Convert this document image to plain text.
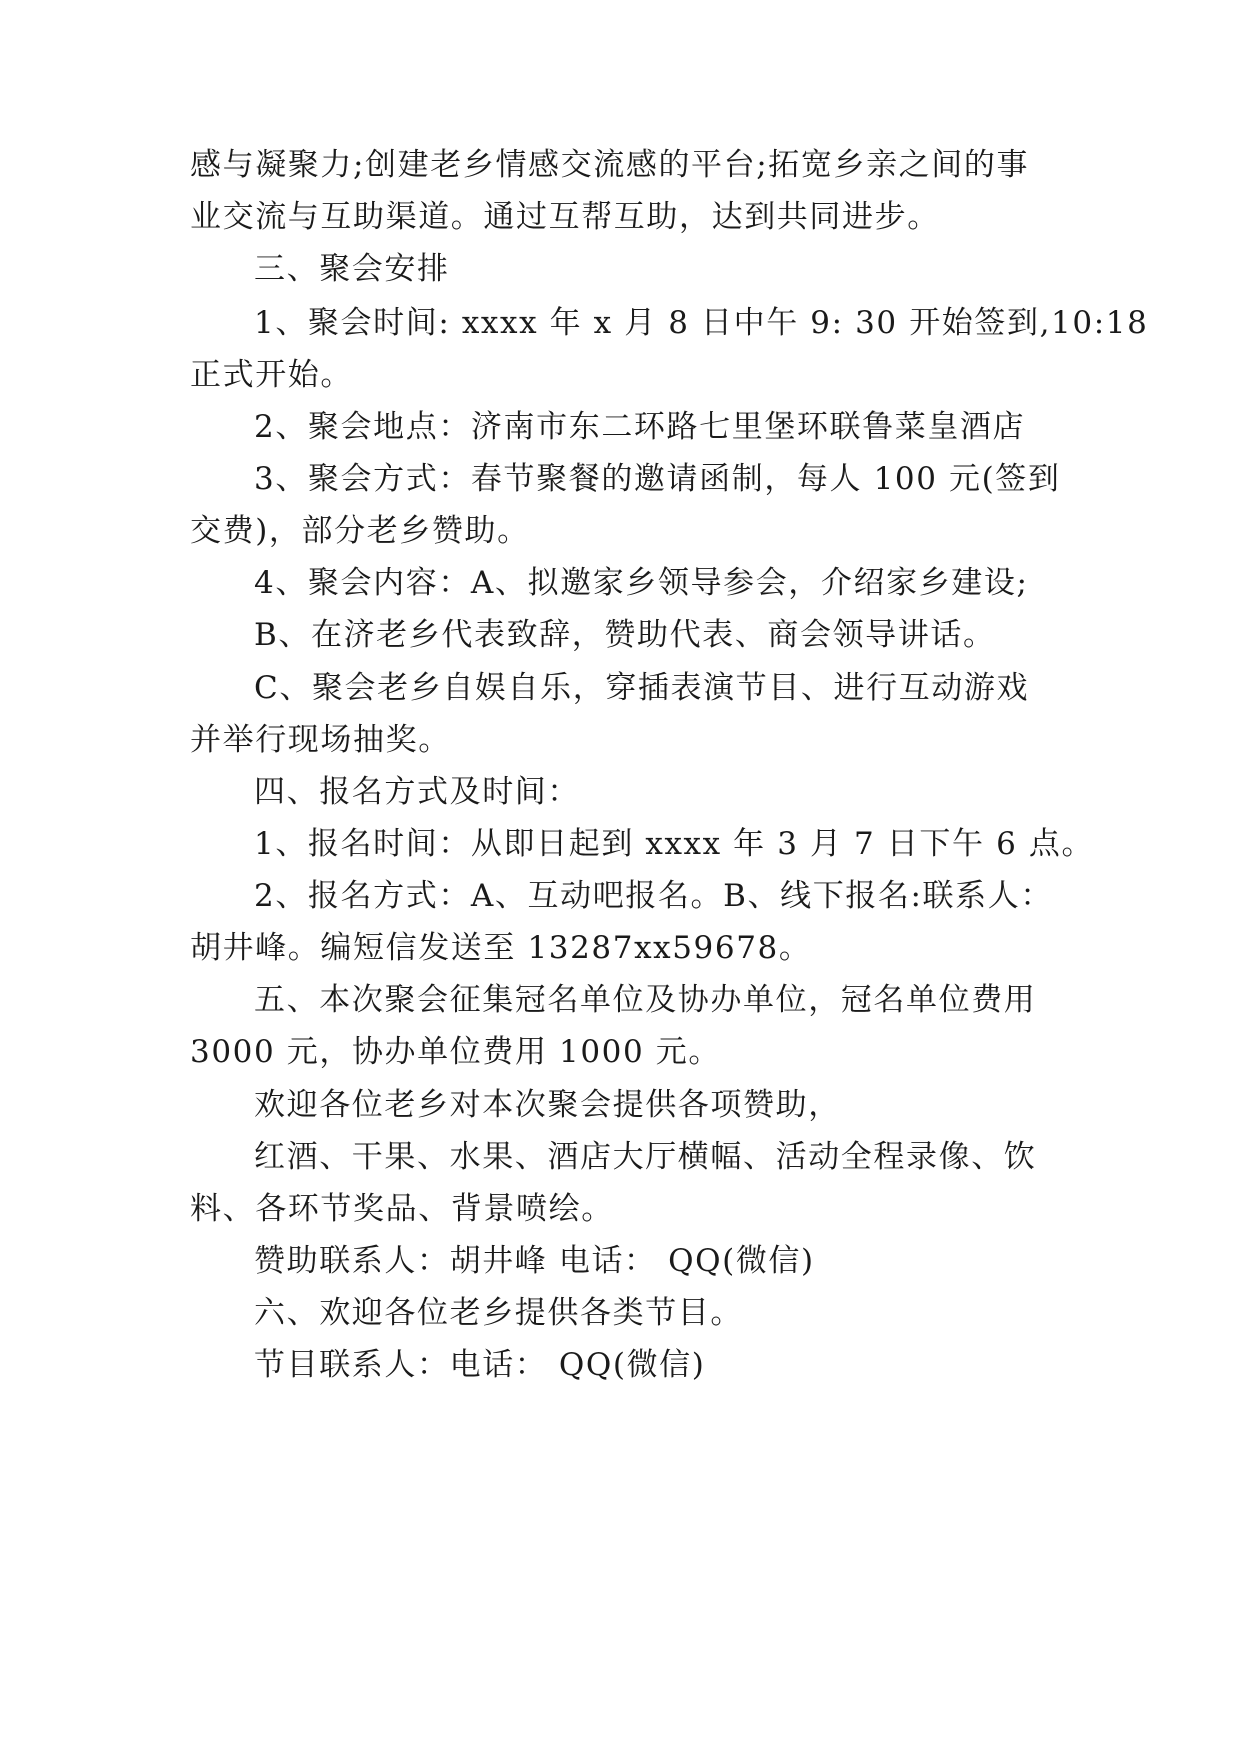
感与凝聚力;创建老乡情感交流感的平台;拓宽乡亲之间的事
业交流与互助渠道。通过互帮互助，达到共同进步。
三、聚会安排
1、聚会时间: xxxx 年 x 月 8 日中午 9: 30 开始签到,10:18
正式开始。
2、聚会地点：济南市东二环路七里堡环联鲁菜皇酒店
3、聚会方式：春节聚餐的邀请函制，每人 100 元(签到
交费)，部分老乡赞助。
4、聚会内容：A、拟邀家乡领导参会，介绍家乡建设;
B、在济老乡代表致辞，赞助代表、商会领导讲话。
C、聚会老乡自娱自乐，穿插表演节目、进行互动游戏
并举行现场抽奖。
四、报名方式及时间：
1、报名时间：从即日起到 xxxx 年 3 月 7 日下午 6 点。
2、报名方式：A、互动吧报名。B、线下报名:联系人：
胡井峰。编短信发送至 13287xx59678。
五、本次聚会征集冠名单位及协办单位，冠名单位费用
3000 元，协办单位费用 1000 元。
欢迎各位老乡对本次聚会提供各项赞助，
红酒、干果、水果、酒店大厅横幅、活动全程录像、饮
料、各环节奖品、背景喷绘。
赞助联系人：胡井峰 电话： QQ(微信)
六、欢迎各位老乡提供各类节目。
节目联系人：电话： QQ(微信)
